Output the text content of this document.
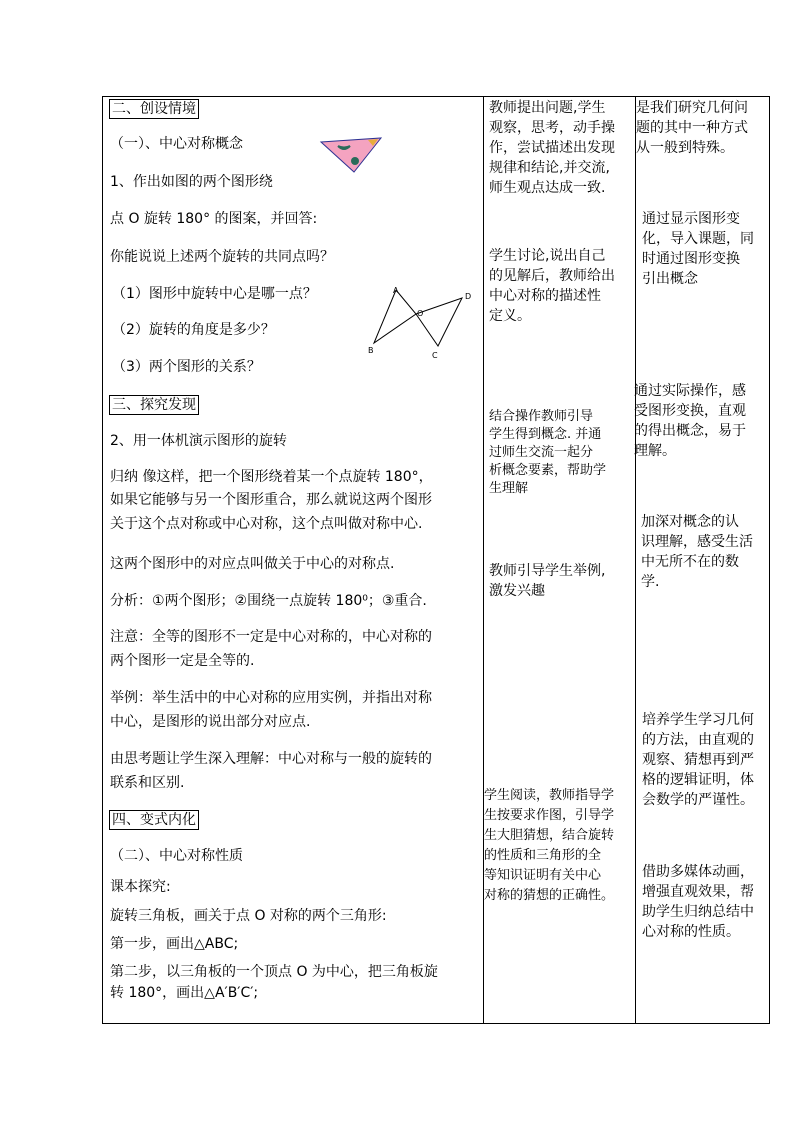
二、创设情境
（一）、中心对称概念
1、作出如图的两个图形绕
点 O 旋转 180° 的图案，并回答:
你能说说上述两个旋转的共同点吗？
（1）图形中旋转中心是哪一点？
（2）旋转的角度是多少？
（3）两个图形的关系？
三、探究发现
2、用一体机演示图形的旋转
归纳 像这样，把一个图形绕着某一个点旋转 180°，
如果它能够与另一个图形重合，那么就说这两个图形
关于这个点对称或中心对称，这个点叫做对称中心.
这两个图形中的对应点叫做关于中心的对称点.
分析：①两个图形；②围绕一点旋转 180⁰；③重合.
注意：全等的图形不一定是中心对称的，中心对称的
两个图形一定是全等的.
举例：举生活中的中心对称的应用实例，并指出对称
中心，是图形的说出部分对应点.
由思考题让学生深入理解：中心对称与一般的旋转的
联系和区别.
四、变式内化
（二）、中心对称性质
课本探究:
旋转三角板，画关于点 O 对称的两个三角形:
第一步，画出△ABC;
第二步，以三角板的一个顶点 O 为中心，把三角板旋
转 180°，画出△A′B′C′;
A
B
C
D
O
教师提出问题,学生
观察，思考，动手操
作，尝试描述出发现
规律和结论,并交流,
师生观点达成一致.
学生讨论,说出自己
的见解后，教师给出
中心对称的描述性
定义。
结合操作教师引导
学生得到概念. 并通
过师生交流一起分
析概念要素，帮助学
生理解
教师引导学生举例,
激发兴趣
学生阅读，教师指导学
生按要求作图，引导学
生大胆猜想，结合旋转
的性质和三角形的全
等知识证明有关中心
对称的猜想的正确性。
是我们研究几何问
题的其中一种方式
从一般到特殊。
通过显示图形变
化，导入课题，同
时通过图形变换
引出概念
通过实际操作，感
受图形变换，直观
的得出概念，易于
理解。
加深对概念的认
识理解，感受生活
中无所不在的数
学.
培养学生学习几何
的方法，由直观的
观察、猜想再到严
格的逻辑证明，体
会数学的严谨性。
借助多媒体动画，
增强直观效果，帮
助学生归纳总结中
心对称的性质。
